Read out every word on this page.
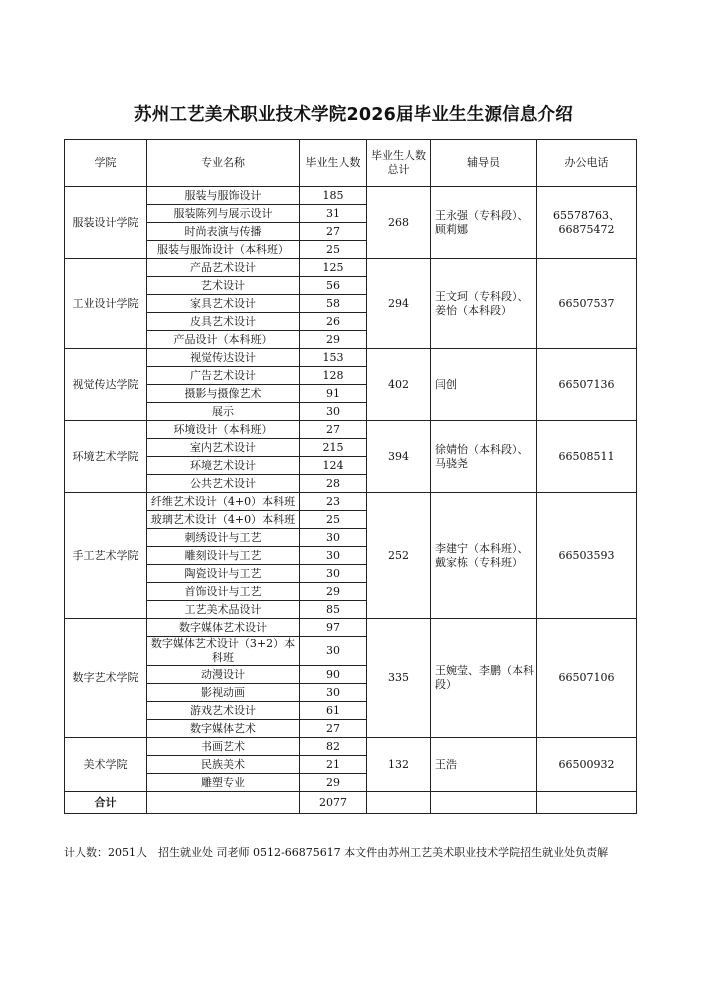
苏州工艺美术职业技术学院2026届毕业生生源信息介绍
学院	专业名称	毕业生人数	毕业生人数总计	辅导员	办公电话
服装设计学院	服装与服饰设计	185	268	王永强（专科段）、顾莉娜	65578763、66875472
	服装陈列与展示设计	31			
	时尚表演与传播	27			
	服装与服饰设计（本科班）	25			
工业设计学院	产品艺术设计	125	294	王文珂（专科段）、姜怡（本科段）	66507537
	艺术设计	56			
	家具艺术设计	58			
	皮具艺术设计	26			
	产品设计（本科班）	29			
视觉传达学院	视觉传达设计	153	402	闫创	66507136
	广告艺术设计	128			
	摄影与摄像艺术	91			
	展示	30			
环境艺术学院	环境设计（本科班）	27	394	徐婧怡（本科段）、马骁尧	66508511
	室内艺术设计	215			
	环境艺术设计	124			
	公共艺术设计	28			
手工艺术学院	纤维艺术设计（4+0）本科班	23	252	李建宁（本科班）、戴家栋（专科班）	66503593
	玻璃艺术设计（4+0）本科班	25			
	刺绣设计与工艺	30			
	雕刻设计与工艺	30			
	陶瓷设计与工艺	30			
	首饰设计与工艺	29			
	工艺美术品设计	85			
数字艺术学院	数字媒体艺术设计	97	335	王婉莹、李鹏（本科段）	66507106
	数字媒体艺术设计（3+2）本科班	30			
	动漫设计	90			
	影视动画	30			
	游戏艺术设计	61			
	数字媒体艺术	27			
美术学院	书画艺术	82	132	王浩	66500932
	民族美术	21			
	雕塑专业	29			
合计		2077			
计人数：2051人　招生就业处 司老师 0512-66875617 本文件由苏州工艺美术职业技术学院招生就业处负责解
